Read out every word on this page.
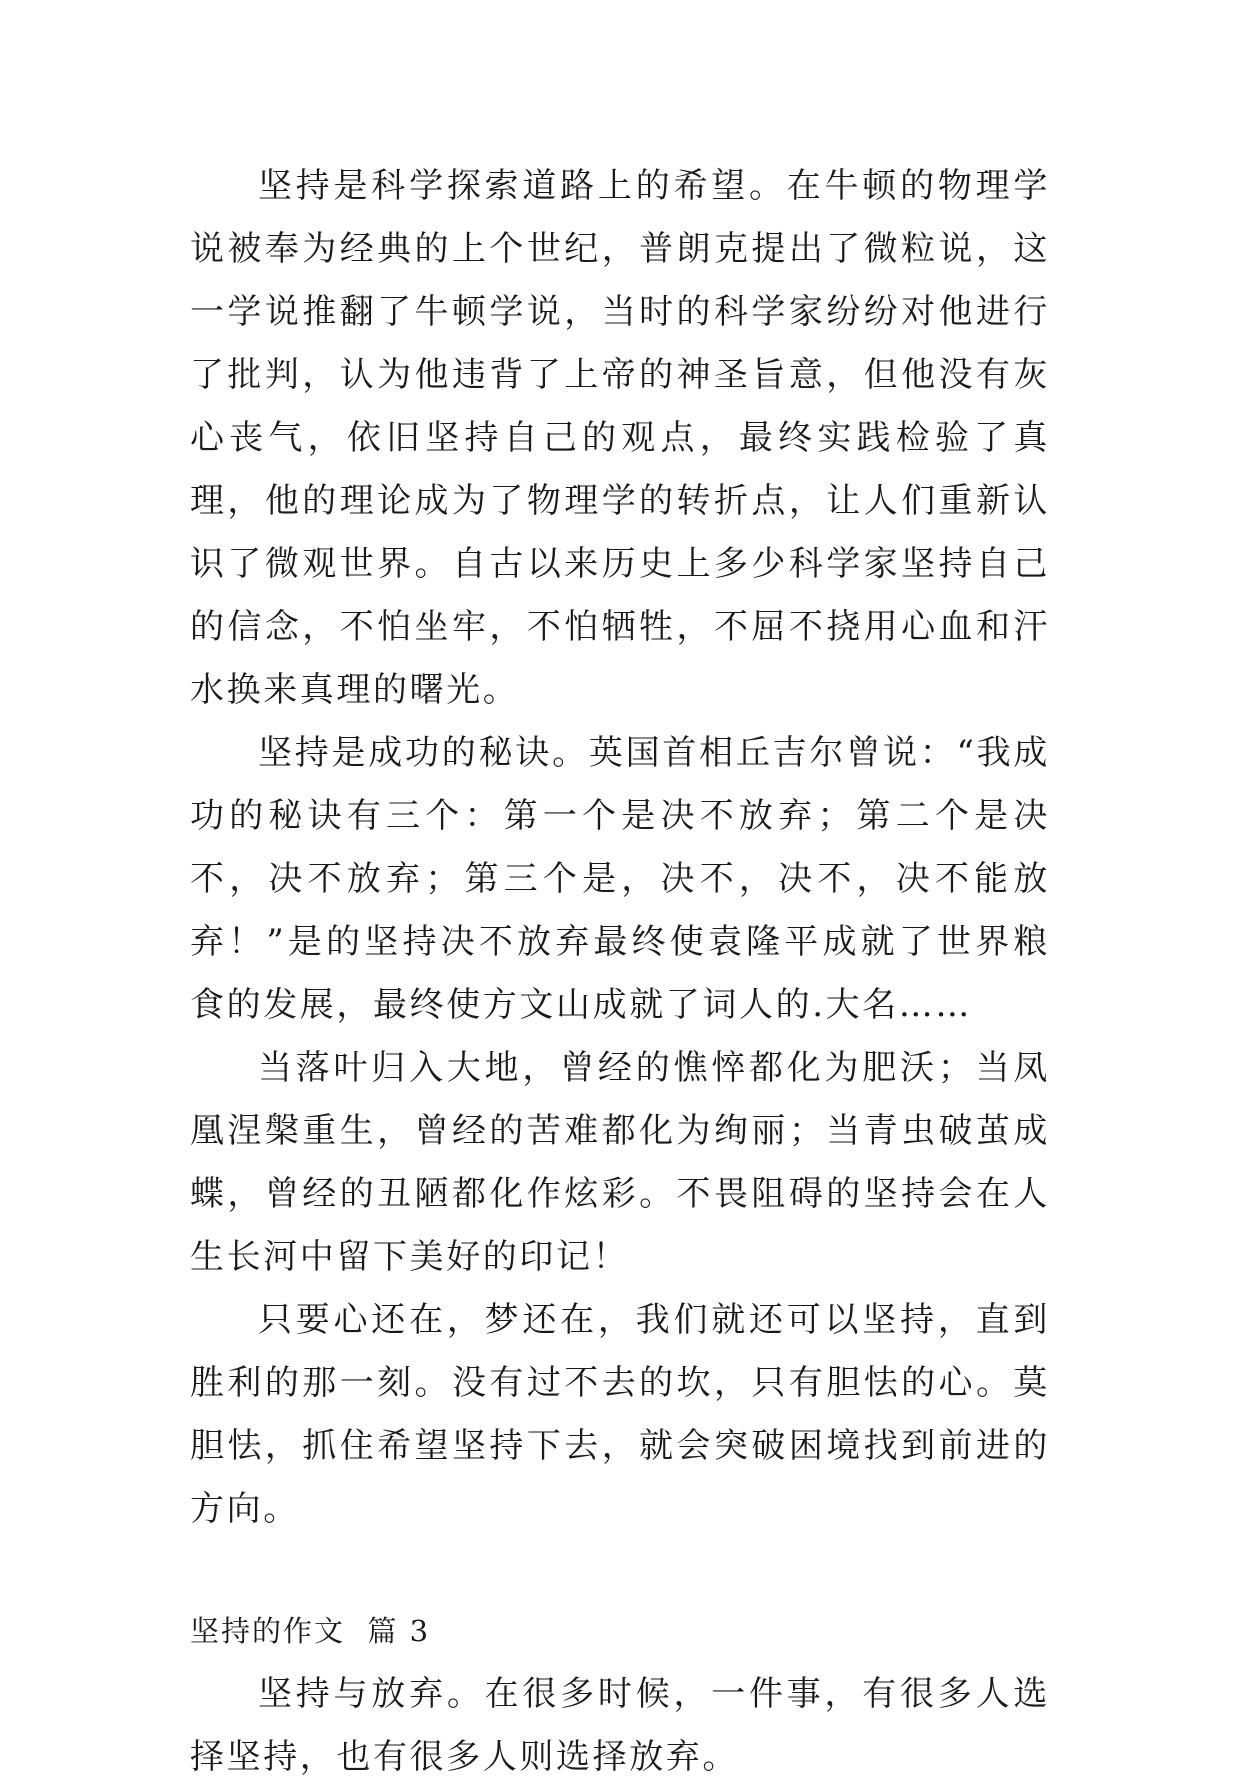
坚持是科学探索道路上的希望。在牛顿的物理学说被奉为经典的上个世纪，普朗克提出了微粒说，这一学说推翻了牛顿学说，当时的科学家纷纷对他进行了批判，认为他违背了上帝的神圣旨意，但他没有灰心丧气，依旧坚持自己的观点，最终实践检验了真理，他的理论成为了物理学的转折点，让人们重新认识了微观世界。自古以来历史上多少科学家坚持自己的信念，不怕坐牢，不怕牺牲，不屈不挠用心血和汗水换来真理的曙光。

坚持是成功的秘诀。英国首相丘吉尔曾说：“我成功的秘诀有三个：第一个是决不放弃；第二个是决不，决不放弃；第三个是，决不，决不，决不能放弃！”是的坚持决不放弃最终使袁隆平成就了世界粮食的发展，最终使方文山成就了词人的.大名……

当落叶归入大地，曾经的憔悴都化为肥沃；当凤凰涅槃重生，曾经的苦难都化为绚丽；当青虫破茧成蝶，曾经的丑陋都化作炫彩。不畏阻碍的坚持会在人生长河中留下美好的印记！

只要心还在，梦还在，我们就还可以坚持，直到胜利的那一刻。没有过不去的坎，只有胆怯的心。莫胆怯，抓住希望坚持下去，就会突破困境找到前进的方向。

坚持的作文  篇 3

坚持与放弃。在很多时候，一件事，有很多人选择坚持，也有很多人则选择放弃。
